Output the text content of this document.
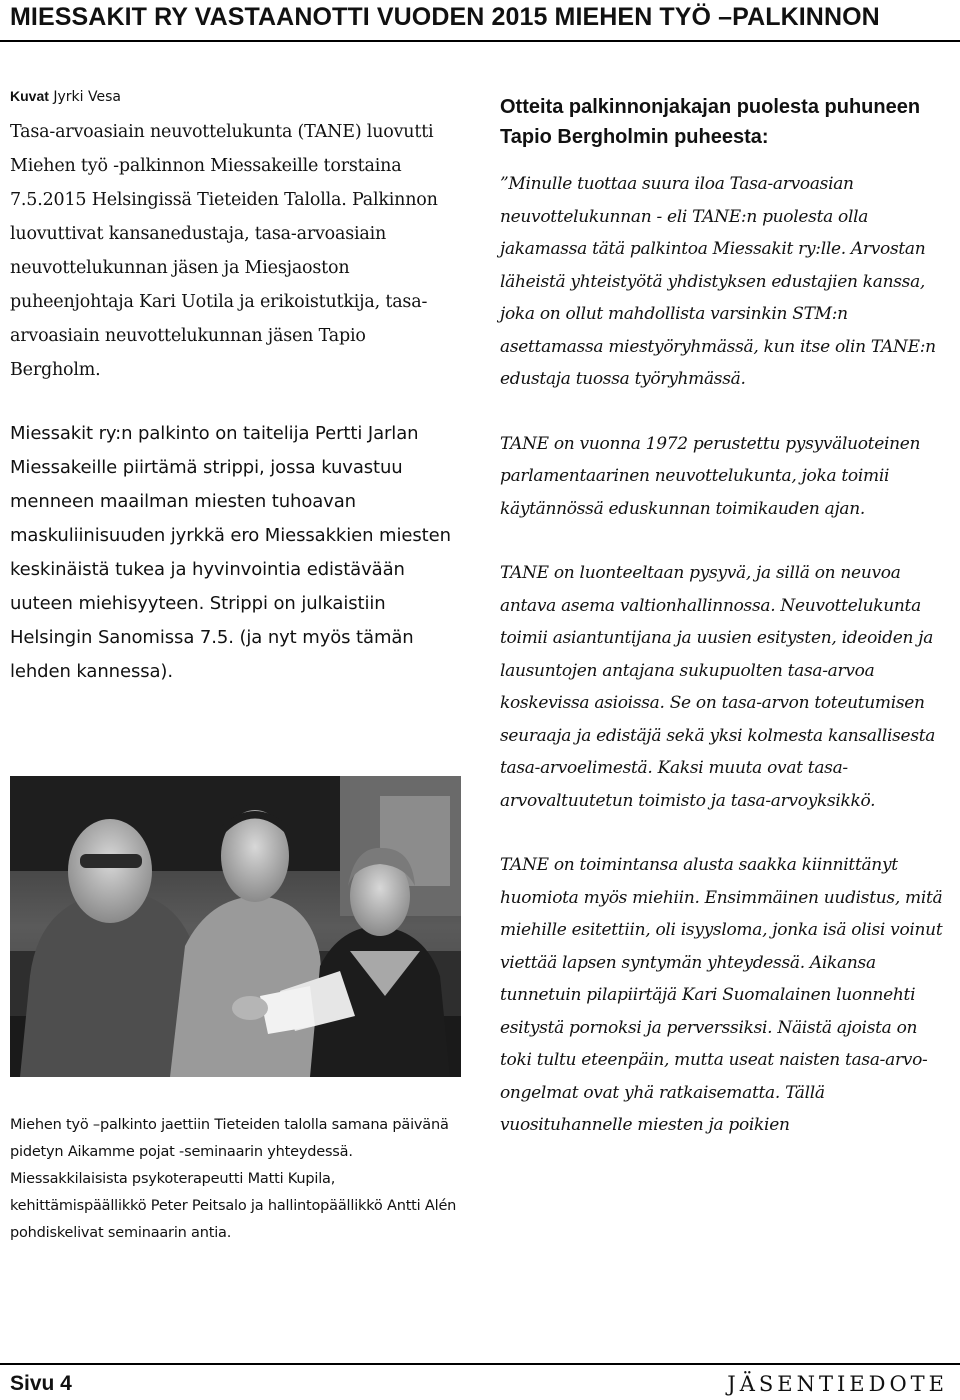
MIESSAKIT RY VASTAANOTTI VUODEN 2015 MIEHEN TYÖ –PALKINNON

Kuvat Jyrki Vesa

Tasa-arvoasiain neuvottelukunta (TANE) luovutti Miehen työ -palkinnon Miessakeille torstaina 7.5.2015 Helsingissä Tieteiden Talolla. Palkinnon luovuttivat kansanedustaja, tasa-arvoasiain neuvottelukunnan jäsen ja Miesjaoston puheenjohtaja Kari Uotila ja erikoistutkija, tasa-arvoasiain neuvottelukunnan jäsen Tapio Bergholm.

Miessakit ry:n palkinto on taitelija Pertti Jarlan Miessakeille piirtämä strippi, jossa kuvastuu menneen maailman miesten tuhoavan maskuliinisuuden jyrkkä ero Miessakkien miesten keskinäistä tukea ja hyvinvointia edistävään uuteen miehisyyteen. Strippi on julkaistiin Helsingin Sanomissa 7.5. (ja nyt myös tämän lehden kannessa).

Miehen työ –palkinto jaettiin Tieteiden talolla samana päivänä pidetyn Aikamme pojat -seminaarin yhteydessä. Miessakkilaisista psykoterapeutti Matti Kupila, kehittämispäällikkö Peter Peitsalo ja hallintopäällikkö Antti Alén pohdiskelivat seminaarin antia.

Otteita palkinnonjakajan puolesta puhuneen Tapio Bergholmin puheesta:

”Minulle tuottaa suura iloa Tasa-arvoasian neuvottelukunnan - eli TANE:n puolesta olla jakamassa tätä palkintoa Miessakit ry:lle. Arvostan läheistä yhteistyötä yhdistyksen edustajien kanssa, joka on ollut mahdollista varsinkin STM:n asettamassa miestyöryhmässä, kun itse olin TANE:n edustaja tuossa työryhmässä.

TANE on vuonna 1972 perustettu pysyväluoteinen parlamentaarinen neuvottelukunta, joka toimii käytännössä eduskunnan toimikauden ajan.

TANE on luonteeltaan pysyvä, ja sillä on neuvoa antava asema valtionhallinnossa. Neuvottelukunta toimii asiantuntijana ja uusien esitysten, ideoiden ja lausuntojen antajana sukupuolten tasa-arvoa koskevissa asioissa. Se on tasa-arvon toteutumisen seuraaja ja edistäjä sekä yksi kolmesta kansallisesta tasa-arvoelimestä. Kaksi muuta ovat tasa-arvovaltuutetun toimisto ja tasa-arvoyksikkö.

TANE on toimintansa alusta saakka kiinnittänyt huomiota myös miehiin. Ensimmäinen uudistus, mitä miehille esitettiin, oli isyyslomа, jonka isä olisi voinut viettää lapsen syntymän yhteydessä. Aikansa tunnetuin pilapiirtäjä Kari Suomalainen luonnehti esitystä pornoksi ja perverssiksi. Näistä ajoista on toki tultu eteenpäin, mutta useat naisten tasa-arvo-ongelmat ovat yhä ratkaisematta. Tällä vuosituhannelle miesten ja poikien

Sivu 4	JÄSENTIEDOTE
